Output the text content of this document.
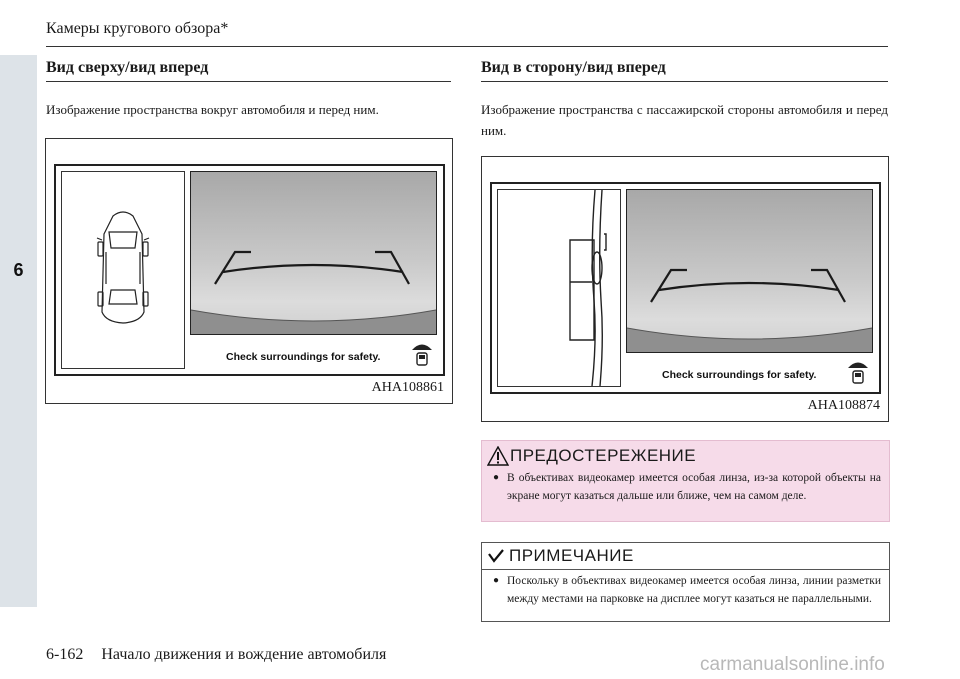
6
Камеры кругового обзора*
Вид сверху/вид вперед
Изображение пространства вокруг автомобиля и перед ним.
Check surroundings for safety.
AHA108861
Вид в сторону/вид вперед
Изображение пространства с пассажирской стороны автомобиля и перед ним.
Check surroundings for safety.
AHA108874
ПРЕДОСТЕРЕЖЕНИЕ
● В объективах видеокамер имеется особая линза, из-за которой объекты на экране могут казаться дальше или ближе, чем на самом деле.
ПРИМЕЧАНИЕ
● Поскольку в объективах видеокамер имеется особая линза, линии разметки между местами на парковке на дисплее могут казаться не параллельными.
6-162 Начало движения и вождение автомобиля	carmanualsonline.info
